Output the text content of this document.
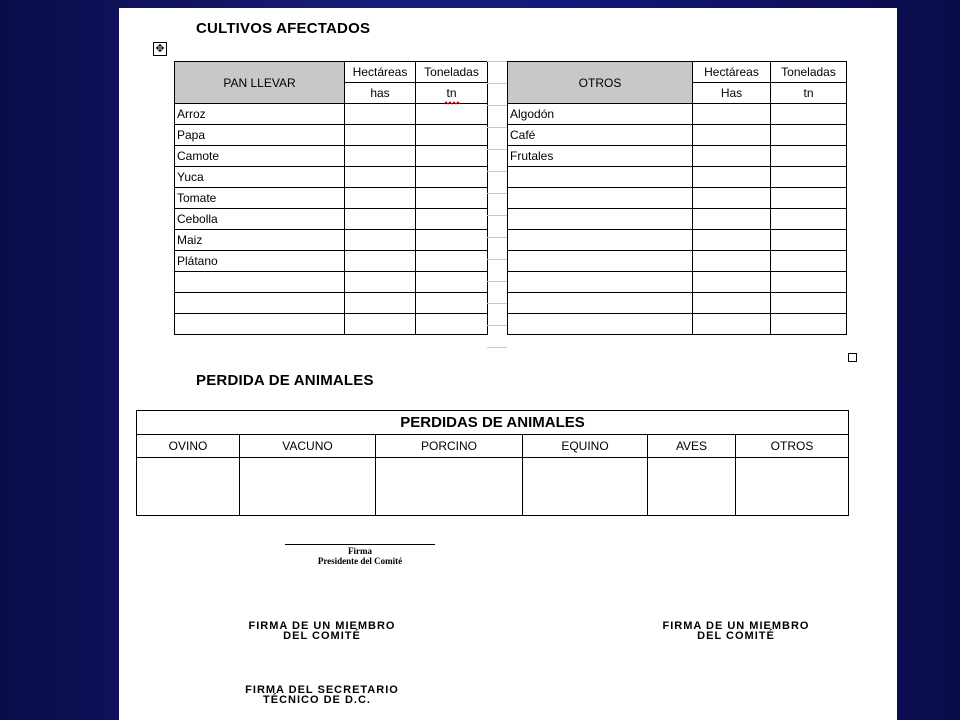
CULTIVOS AFECTADOS
✥
PAN LLEVAR	Hectáreas	Toneladas
	has	tn
Arroz		
Papa		
Camote		
Yuca		
Tomate		
Cebolla		
Maiz		
Plátano		

OTROS	Hectáreas	Toneladas
	Has	tn
Algodón		
Café		
Frutales		

PERDIDA DE ANIMALES
PERDIDAS DE ANIMALES					
OVINO	VACUNO	PORCINO	EQUINO	AVES	OTROS

Firma
Presidente del Comité
FIRMA DE UN MIEMBRO
DEL COMITÉ
FIRMA DE UN MIEMBRO
DEL COMITÉ
FIRMA DEL SECRETARIO
TÉCNICO DE D.C.
